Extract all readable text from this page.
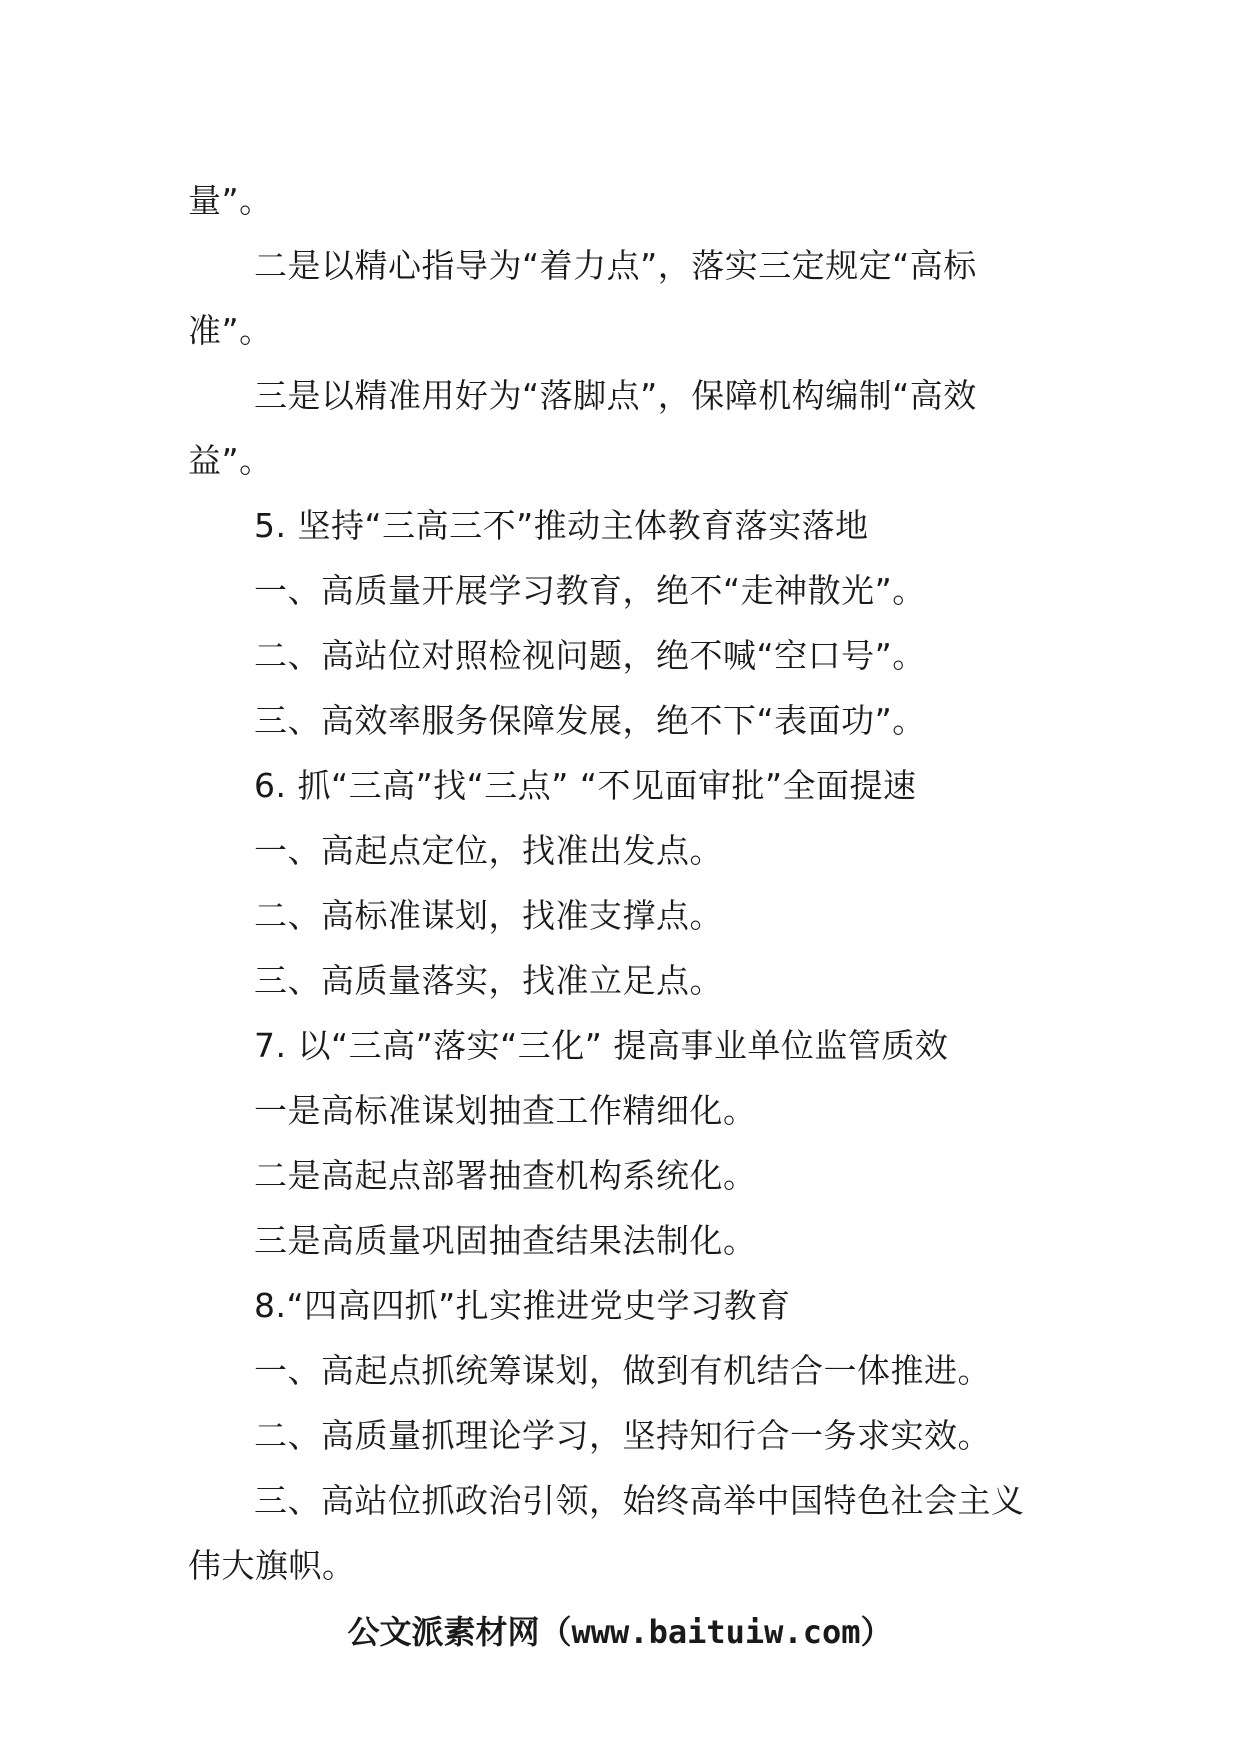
量”。
二是以精心指导为“着力点”，落实三定规定“高标
准”。
三是以精准用好为“落脚点”，保障机构编制“高效
益”。
5. 坚持“三高三不”推动主体教育落实落地
一、高质量开展学习教育，绝不“走神散光”。
二、高站位对照检视问题，绝不喊“空口号”。
三、高效率服务保障发展，绝不下“表面功”。
6. 抓“三高”找“三点” “不见面审批”全面提速
一、高起点定位，找准出发点。
二、高标准谋划，找准支撑点。
三、高质量落实，找准立足点。
7. 以“三高”落实“三化” 提高事业单位监管质效
一是高标准谋划抽查工作精细化。
二是高起点部署抽查机构系统化。
三是高质量巩固抽查结果法制化。
8.“四高四抓”扎实推进党史学习教育
一、高起点抓统筹谋划，做到有机结合一体推进。
二、高质量抓理论学习，坚持知行合一务求实效。
三、高站位抓政治引领，始终高举中国特色社会主义
伟大旗帜。
公文派素材网（www.baituiw.com）
